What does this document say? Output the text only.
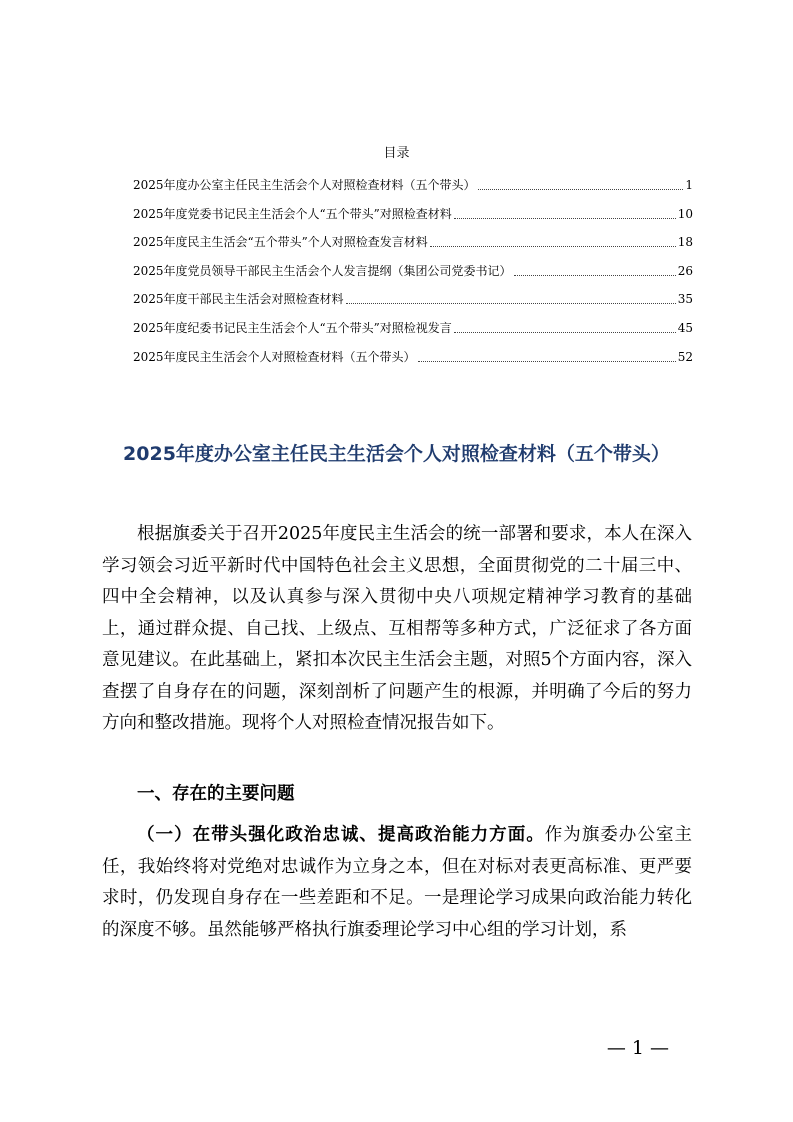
目录
2025年度办公室主任民主生活会个人对照检查材料（五个带头）	1
2025年度党委书记民主生活会个人“五个带头”对照检查材料	10
2025年度民主生活会“五个带头”个人对照检查发言材料	18
2025年度党员领导干部民主生活会个人发言提纲（集团公司党委书记）	26
2025年度干部民主生活会对照检查材料	35
2025年度纪委书记民主生活会个人“五个带头”对照检视发言	45
2025年度民主生活会个人对照检查材料（五个带头）	52
2025年度办公室主任民主生活会个人对照检查材料（五个带头）

根据旗委关于召开2025年度民主生活会的统一部署和要求，本人在深入学习领会习近平新时代中国特色社会主义思想，全面贯彻党的二十届三中、四中全会精神，以及认真参与深入贯彻中央八项规定精神学习教育的基础上，通过群众提、自己找、上级点、互相帮等多种方式，广泛征求了各方面意见建议。在此基础上，紧扣本次民主生活会主题，对照5个方面内容，深入查摆了自身存在的问题，深刻剖析了问题产生的根源，并明确了今后的努力方向和整改措施。现将个人对照检查情况报告如下。

一、存在的主要问题

（一）在带头强化政治忠诚、提高政治能力方面。作为旗委办公室主任，我始终将对党绝对忠诚作为立身之本，但在对标对表更高标准、更严要求时，仍发现自身存在一些差距和不足。一是理论学习成果向政治能力转化的深度不够。虽然能够严格执行旗委理论学习中心组的学习计划，系

— 1 —
